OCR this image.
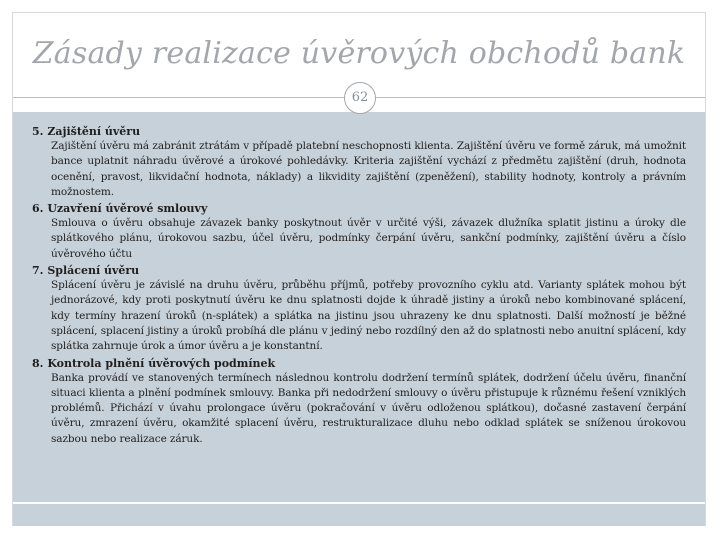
Zásady realizace úvěrových obchodů bank
62

5. Zajištění úvěru

Zajištění úvěru má zabránit ztrátám v případě platební neschopnosti klienta. Zajištění úvěru ve formě záruk, má umožnit bance uplatnit náhradu úvěrové a úrokové pohledávky. Kriteria zajištění vychází z předmětu zajištění (druh, hodnota ocenění, pravost, likvidační hodnota, náklady) a likvidity zajištění (zpeněžení), stability hodnoty, kontroly a právním možnostem.

6. Uzavření úvěrové smlouvy

Smlouva o úvěru obsahuje závazek banky poskytnout úvěr v určité výši, závazek dlužníka splatit jistinu a úroky dle splátkového plánu, úrokovou sazbu, účel úvěru, podmínky čerpání úvěru, sankční podmínky, zajištění úvěru a číslo úvěrového účtu

7. Splácení úvěru

Splácení úvěru je závislé na druhu úvěru, průběhu příjmů, potřeby provozního cyklu atd. Varianty splátek mohou být jednorázové, kdy proti poskytnutí úvěru ke dnu splatnosti dojde k úhradě jistiny a úroků nebo kombinované splácení, kdy termíny hrazení úroků (n-splátek) a splátka na jistinu jsou uhrazeny ke dnu splatnosti. Další možností je běžné splácení, splacení jistiny a úroků probíhá dle plánu v jediný nebo rozdílný den až do splatnosti nebo anuitní splácení, kdy splátka zahrnuje úrok a úmor úvěru a je konstantní.

8. Kontrola plnění úvěrových podmínek

Banka provádí ve stanovených termínech následnou kontrolu dodržení termínů splátek, dodržení účelu úvěru, finanční situaci klienta a plnění podmínek smlouvy. Banka při nedodržení smlouvy o úvěru přistupuje k různému řešení vzniklých problémů. Přichází v úvahu prolongace úvěru (pokračování v úvěru odloženou splátkou), dočasné zastavení čerpání úvěru, zmrazení úvěru, okamžité splacení úvěru, restrukturalizace dluhu nebo odklad splátek se sníženou úrokovou sazbou nebo realizace záruk.
